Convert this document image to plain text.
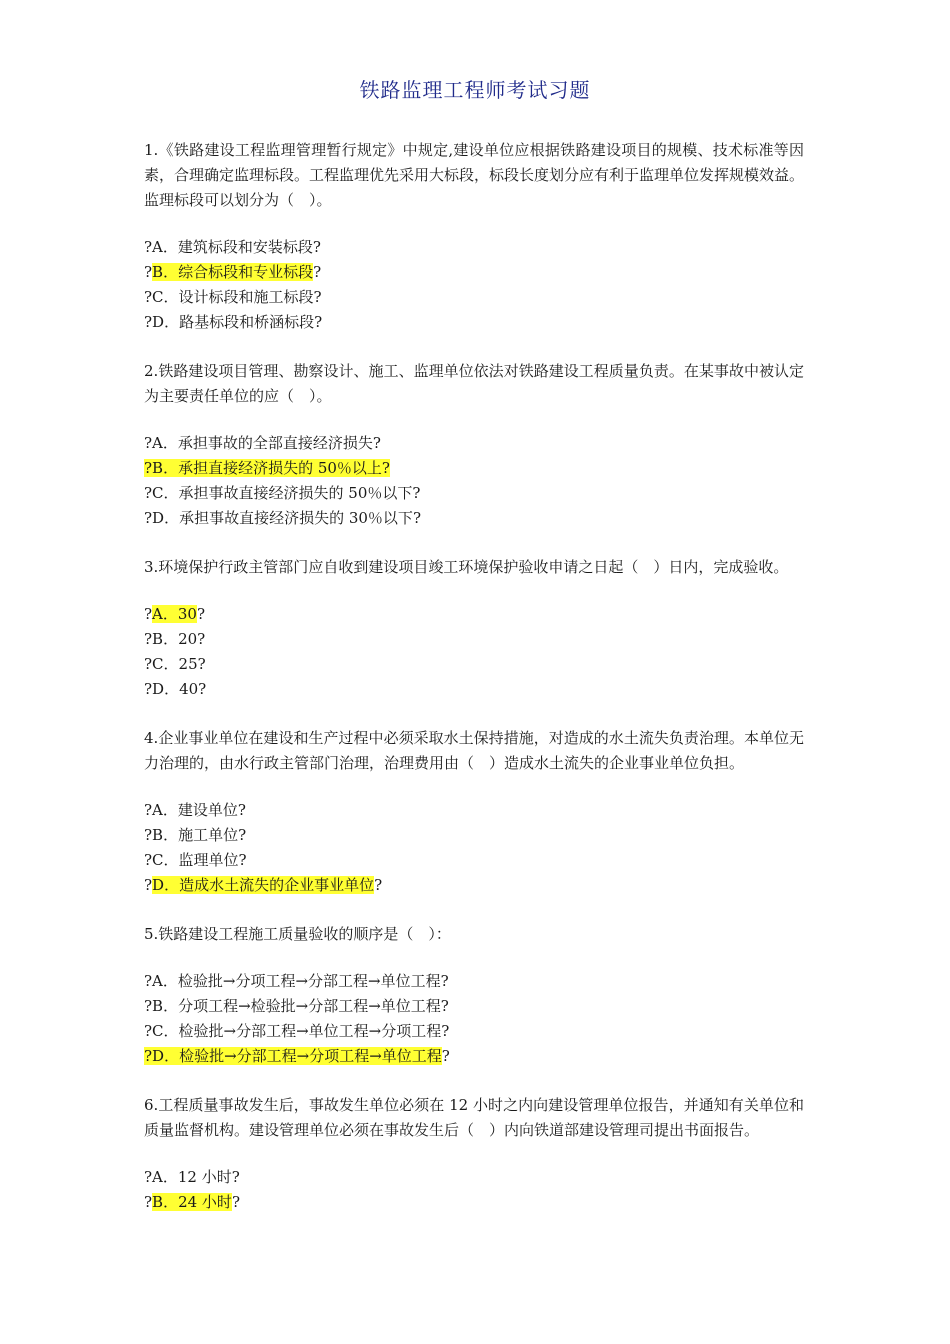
铁路监理工程师考试习题

1.《铁路建设工程监理管理暂行规定》中规定,建设单位应根据铁路建设项目的规模、技术标准等因素，合理确定监理标段。工程监理优先采用大标段，标段长度划分应有利于监理单位发挥规模效益。监理标段可以划分为（　）。

?A．建筑标段和安装标段?
?B．综合标段和专业标段?
?C．设计标段和施工标段?
?D．路基标段和桥涵标段?

2.铁路建设项目管理、勘察设计、施工、监理单位依法对铁路建设工程质量负责。在某事故中被认定为主要责任单位的应（　）。

?A．承担事故的全部直接经济损失?
?B．承担直接经济损失的 50％以上?
?C．承担事故直接经济损失的 50％以下?
?D．承担事故直接经济损失的 30％以下?

3.环境保护行政主管部门应自收到建设项目竣工环境保护验收申请之日起（　）日内，完成验收。

?A．30?
?B．20?
?C．25?
?D．40?

4.企业事业单位在建设和生产过程中必须采取水土保持措施，对造成的水土流失负责治理。本单位无力治理的，由水行政主管部门治理，治理费用由（　）造成水土流失的企业事业单位负担。

?A．建设单位?
?B．施工单位?
?C．监理单位?
?D．造成水土流失的企业事业单位?

5.铁路建设工程施工质量验收的顺序是（　）：

?A．检验批→分项工程→分部工程→单位工程?
?B．分项工程→检验批→分部工程→单位工程?
?C．检验批→分部工程→单位工程→分项工程?
?D．检验批→分部工程→分项工程→单位工程?

6.工程质量事故发生后，事故发生单位必须在 12 小时之内向建设管理单位报告，并通知有关单位和质量监督机构。建设管理单位必须在事故发生后（　）内向铁道部建设管理司提出书面报告。

?A．12 小时?
?B．24 小时?
